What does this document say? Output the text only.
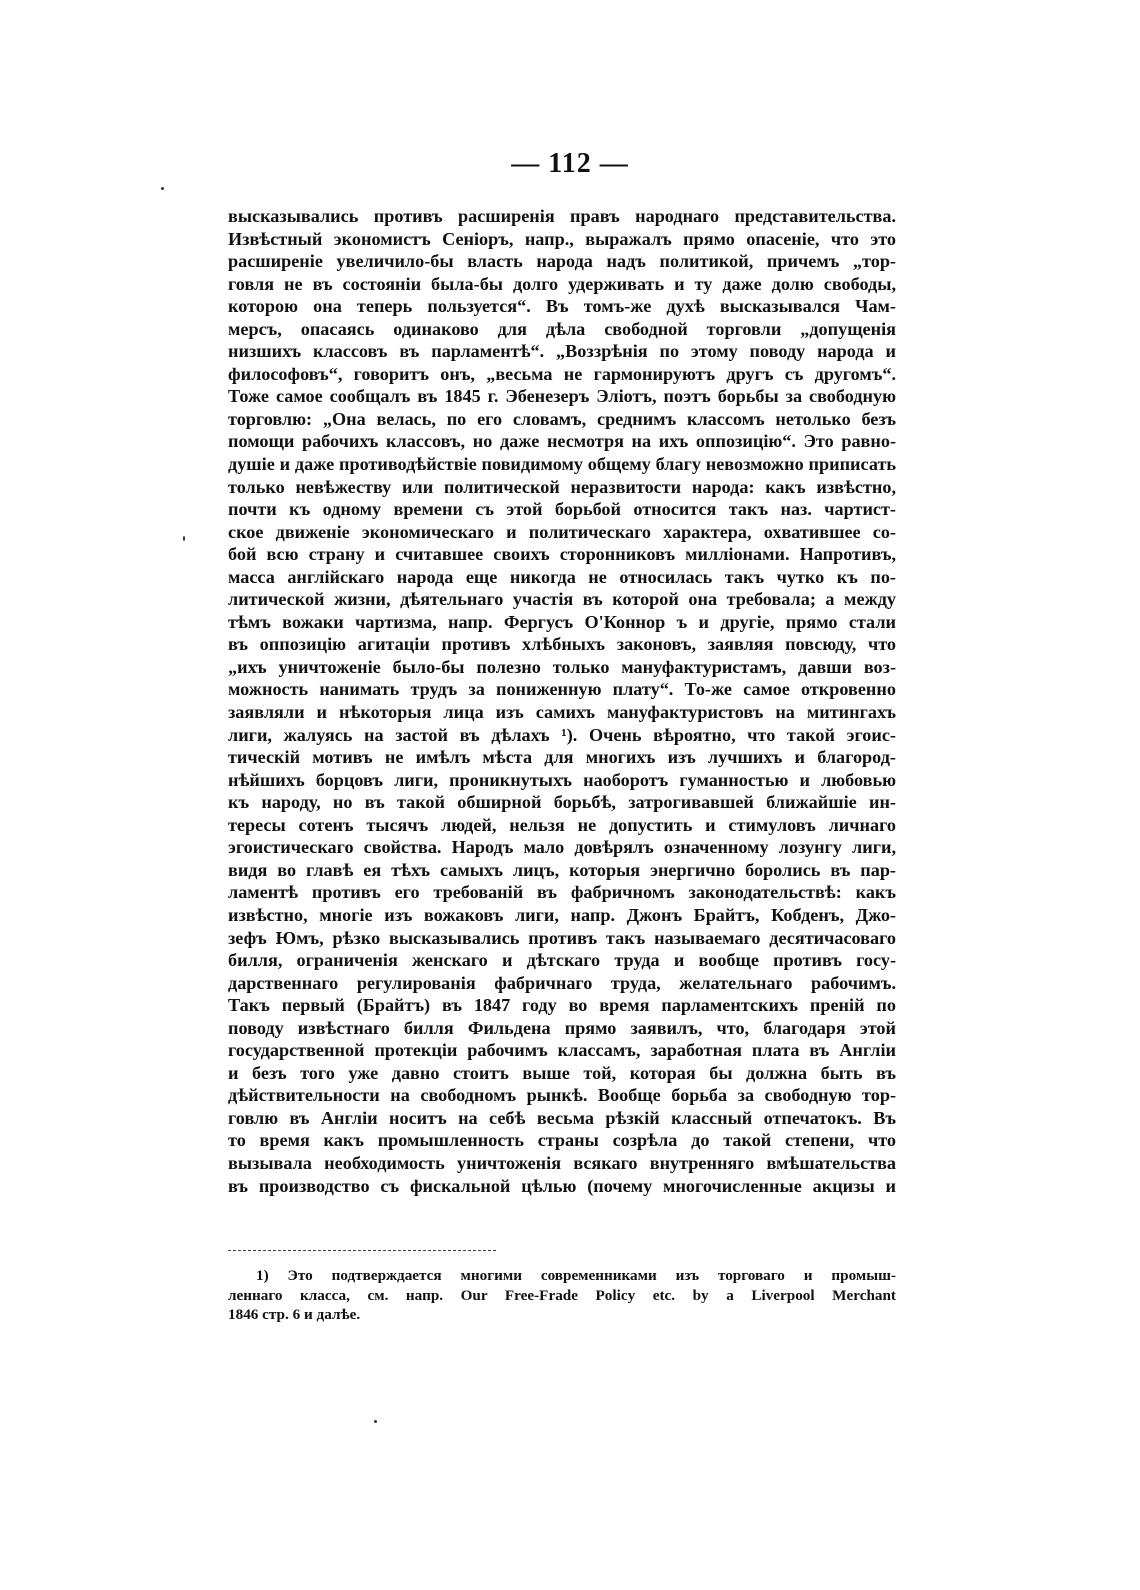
— 112 —
высказывались противъ расширенія правъ народнаго представительства.
Извѣстный экономистъ Сеніоръ, напр., выражалъ прямо опасеніе, что это
расширеніе увеличило-бы власть народа надъ политикой, причемъ „тор-
говля не въ состояніи была-бы долго удерживать и ту даже долю свободы,
которою она теперь пользуется“. Въ томъ-же духѣ высказывался Чам-
мерсъ, опасаясь одинаково для дѣла свободной торговли „допущенія
низшихъ классовъ въ парламентѣ“. „Воззрѣнія по этому поводу народа и
философовъ“, говоритъ онъ, „весьма не гармонируютъ другъ съ другомъ“.
Тоже самое сообщалъ въ 1845 г. Эбенезеръ Эліотъ, поэтъ борьбы за свободную
торговлю: „Она велась, по его словамъ, среднимъ классомъ нетолько безъ
помощи рабочихъ классовъ, но даже несмотря на ихъ оппозицію“. Это равно-
душіе и даже противодѣйствіе повидимому общему благу невозможно приписать
только невѣжеству или политической неразвитости народа: какъ извѣстно,
почти къ одному времени съ этой борьбой относится такъ наз. чартист-
ское движеніе экономическаго и политическаго характера, охватившее со-
бой всю страну и считавшее своихъ сторонниковъ милліонами. Напротивъ,
масса англійскаго народа еще никогда не относилась такъ чутко къ по-
литической жизни, дѣятельнаго участія въ которой она требовала; а между
тѣмъ вожаки чартизма, напр. Фергусъ О'Коннор ъ и другіе, прямо стали
въ оппозицію агитаціи противъ хлѣбныхъ законовъ, заявляя повсюду, что
„ихъ уничтоженіе было-бы полезно только мануфактуристамъ, давши воз-
можность нанимать трудъ за пониженную плату“. То-же самое откровенно
заявляли и нѣкоторыя лица изъ самихъ мануфактуристовъ на митингахъ
лиги, жалуясь на застой въ дѣлахъ ¹). Очень вѣроятно, что такой эгоис-
тическій мотивъ не имѣлъ мѣста для многихъ изъ лучшихъ и благород-
нѣйшихъ борцовъ лиги, проникнутыхъ наоборотъ гуманностью и любовью
къ народу, но въ такой обширной борьбѣ, затрогивавшей ближайшіе ин-
тересы сотенъ тысячъ людей, нельзя не допустить и стимуловъ личнаго
эгоистическаго свойства. Народъ мало довѣрялъ означенному лозунгу лиги,
видя во главѣ ея тѣхъ самыхъ лицъ, которыя энергично боролись въ пар-
ламентѣ противъ его требованій въ фабричномъ законодательствѣ: какъ
извѣстно, многіе изъ вожаковъ лиги, напр. Джонъ Брайтъ, Кобденъ, Джо-
зефъ Юмъ, рѣзко высказывались противъ такъ называемаго десятичасоваго
билля, ограниченія женскаго и дѣтскаго труда и вообще противъ госу-
дарственнаго регулированія фабричнаго труда, желательнаго рабочимъ.
Такъ первый (Брайтъ) въ 1847 году во время парламентскихъ преній по
поводу извѣстнаго билля Фильдена прямо заявилъ, что, благодаря этой
государственной протекціи рабочимъ классамъ, заработная плата въ Англіи
и безъ того уже давно стоитъ выше той, которая бы должна быть въ
дѣйствительности на свободномъ рынкѣ. Вообще борьба за свободную тор-
говлю въ Англіи носитъ на себѣ весьма рѣзкій классный отпечатокъ. Въ
то время какъ промышленность страны созрѣла до такой степени, что
вызывала необходимость уничтоженія всякаго внутренняго вмѣшательства
въ производство съ фискальной цѣлью (почему многочисленные акцизы и
1) Это подтверждается многими современниками изъ торговаго и промыш-
леннаго класса, см. напр. Our Free-Frade Policy etc. by a Liverpool Merchant
1846 стр. 6 и далѣе.
